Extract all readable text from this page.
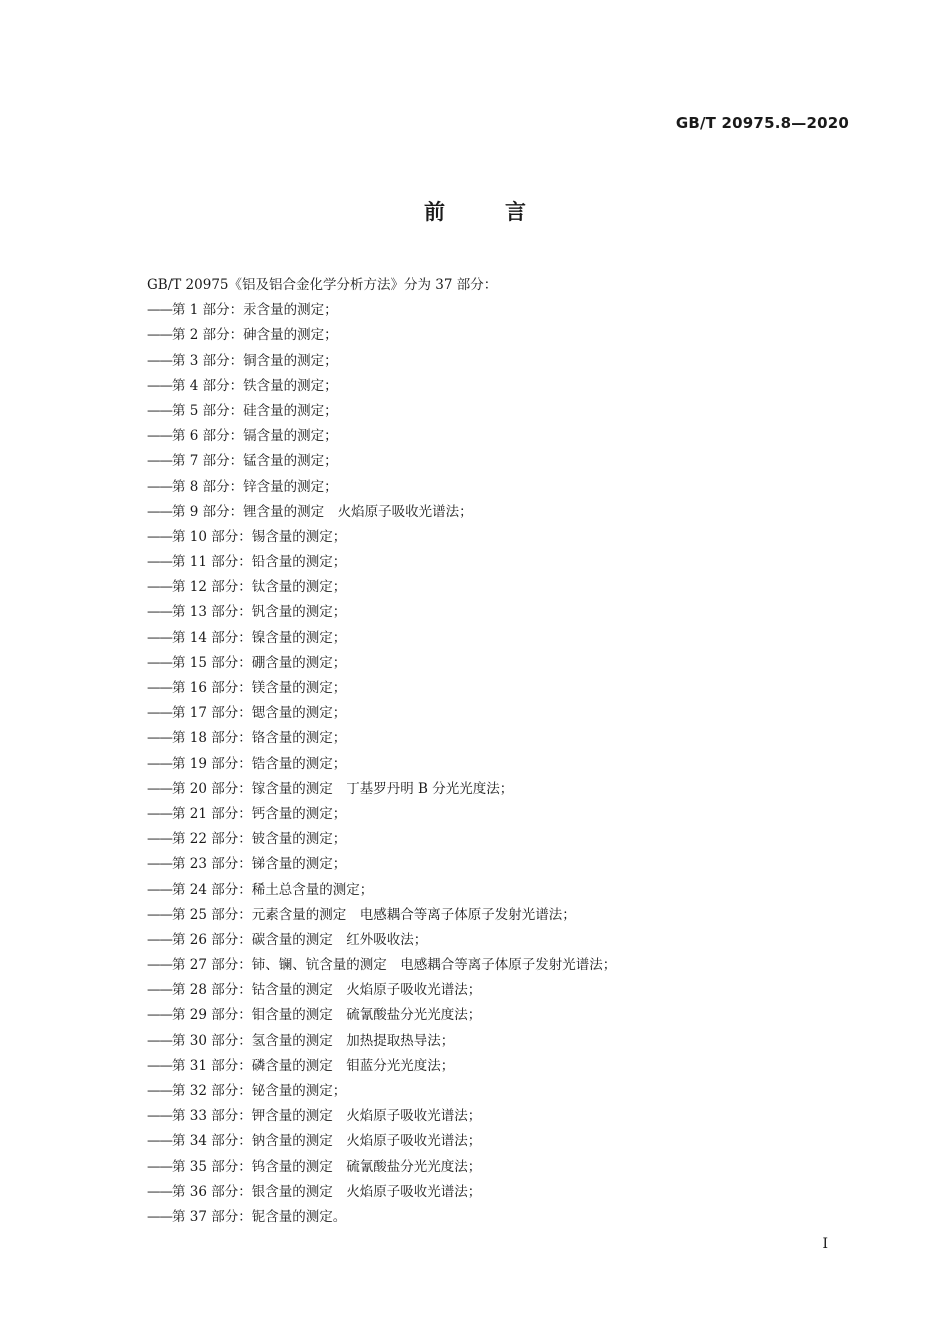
GB/T 20975.8—2020
前言
GB/T 20975《铝及铝合金化学分析方法》分为 37 部分：
——第 1 部分：汞含量的测定；
——第 2 部分：砷含量的测定；
——第 3 部分：铜含量的测定；
——第 4 部分：铁含量的测定；
——第 5 部分：硅含量的测定；
——第 6 部分：镉含量的测定；
——第 7 部分：锰含量的测定；
——第 8 部分：锌含量的测定；
——第 9 部分：锂含量的测定　火焰原子吸收光谱法；
——第 10 部分：锡含量的测定；
——第 11 部分：铅含量的测定；
——第 12 部分：钛含量的测定；
——第 13 部分：钒含量的测定；
——第 14 部分：镍含量的测定；
——第 15 部分：硼含量的测定；
——第 16 部分：镁含量的测定；
——第 17 部分：锶含量的测定；
——第 18 部分：铬含量的测定；
——第 19 部分：锆含量的测定；
——第 20 部分：镓含量的测定　丁基罗丹明 B 分光光度法；
——第 21 部分：钙含量的测定；
——第 22 部分：铍含量的测定；
——第 23 部分：锑含量的测定；
——第 24 部分：稀土总含量的测定；
——第 25 部分：元素含量的测定　电感耦合等离子体原子发射光谱法；
——第 26 部分：碳含量的测定　红外吸收法；
——第 27 部分：铈、镧、钪含量的测定　电感耦合等离子体原子发射光谱法；
——第 28 部分：钴含量的测定　火焰原子吸收光谱法；
——第 29 部分：钼含量的测定　硫氰酸盐分光光度法；
——第 30 部分：氢含量的测定　加热提取热导法；
——第 31 部分：磷含量的测定　钼蓝分光光度法；
——第 32 部分：铋含量的测定；
——第 33 部分：钾含量的测定　火焰原子吸收光谱法；
——第 34 部分：钠含量的测定　火焰原子吸收光谱法；
——第 35 部分：钨含量的测定　硫氰酸盐分光光度法；
——第 36 部分：银含量的测定　火焰原子吸收光谱法；
——第 37 部分：铌含量的测定。
I
